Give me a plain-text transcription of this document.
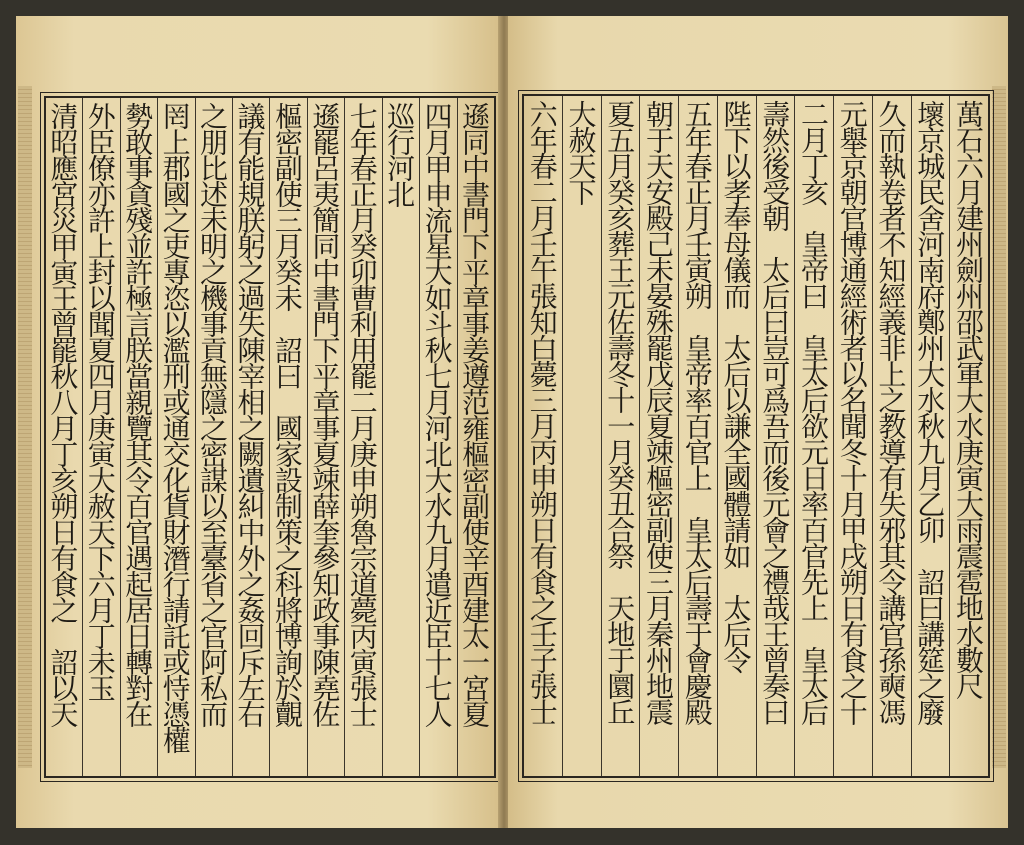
遜同中書門下平章事姜遵范雍樞密副使辛酉建太一宮夏
四月甲申流星大如斗秋七月河北大水九月遣近臣十七人
巡行河北
七年春正月癸卯曹利用罷二月庚申朔魯宗道薨丙寅張士
遜罷呂夷簡同中書門下平章事夏竦薛奎參知政事陳堯佐
樞密副使三月癸未　詔曰　國家設制策之科將博詢於覿
議有能規朕躬之過失陳宰相之闕遺糾中外之姦回斥左右
之朋比述未明之機事貢無隱之密謀以至臺省之官阿私而
罔上郡國之吏專恣以濫刑或通交化貨財潛行請託或恃憑權
勢敢事貪殘並許極言朕當親覽其令百官遇起居日轉對在
外臣僚亦許上封以聞夏四月庚寅大赦天下六月丁未玉
清昭應宮災甲寅王曾罷秋八月丁亥朔日有食之　詔以天	萬石六月建州劍州邵武軍大水庚寅大雨震雹地水數尺
壞京城民舍河南府鄭州大水秋九月乙卯　詔曰講筵之廢
久而執卷者不知經義非上之教導有失邪其令講官孫奭馮
元舉京朝官博通經術者以名聞冬十月甲戌朔日有食之十
二月丁亥　皇帝曰　皇太后欲元日率百官先上　皇太后
壽然後受朝　太后曰豈可爲吾而後元會之禮哉王曾奏曰
陛下以孝奉母儀而　太后以謙全國體請如　太后令
五年春正月壬寅朔　皇帝率百官上　皇太后壽于會慶殿
朝于天安殿己未晏殊罷戊辰夏竦樞密副使三月秦州地震
夏五月癸亥葬王元佐壽冬十一月癸丑合祭　天地于圜丘
大赦天下
六年春二月壬午張知白薨三月丙申朔日有食之壬子張士
